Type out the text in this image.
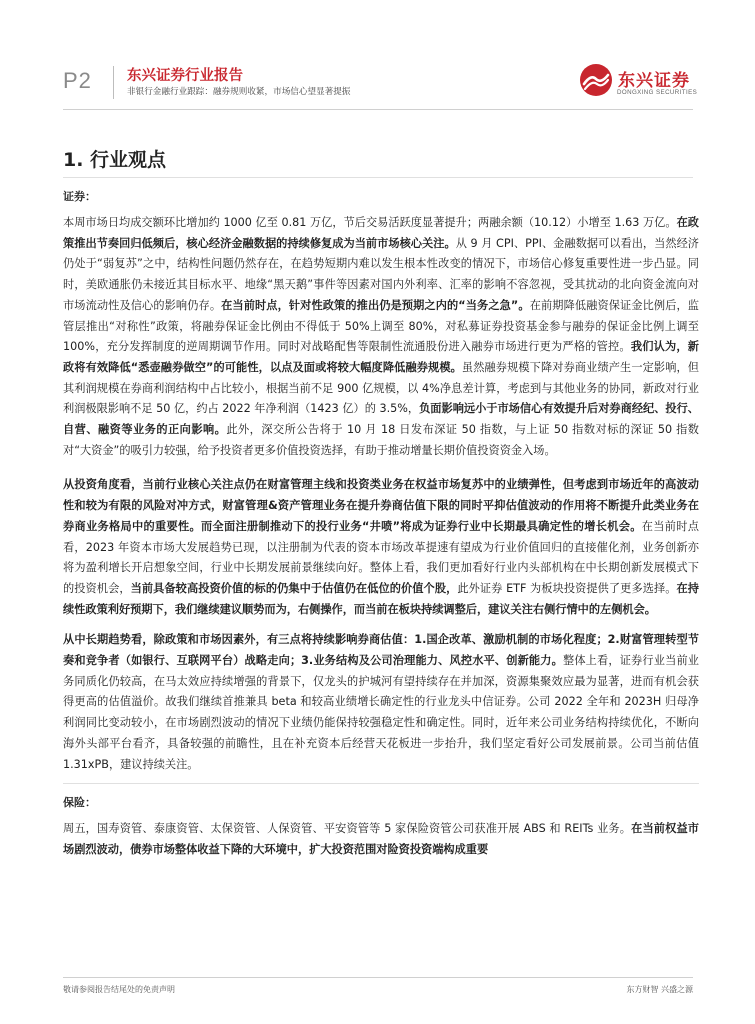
P2 东兴证券行业报告
非银行金融行业跟踪：融券规则收紧，市场信心望显著提振
东兴证券
DONGXING SECURITIES
1. 行业观点
证券：

本周市场日均成交额环比增加约 1000 亿至 0.81 万亿，节后交易活跃度显著提升；两融余额（10.12）小增至 1.63 万亿。在政策推出节奏回归低频后，核心经济金融数据的持续修复成为当前市场核心关注。从 9 月 CPI、PPI、金融数据可以看出，当然经济仍处于“弱复苏”之中，结构性问题仍然存在，在趋势短期内难以发生根本性改变的情况下，市场信心修复重要性进一步凸显。同时，美欧通胀仍未接近其目标水平、地缘“黑天鹅”事件等因素对国内外利率、汇率的影响不容忽视，受其扰动的北向资金流向对市场流动性及信心的影响仍存。在当前时点，针对性政策的推出仍是预期之内的“当务之急”。在前期降低融资保证金比例后，监管层推出“对称性”政策，将融券保证金比例由不得低于 50%上调至 80%，对私募证券投资基金参与融券的保证金比例上调至 100%，充分发挥制度的逆周期调节作用。同时对战略配售等限制性流通股份进入融券市场进行更为严格的管控。我们认为，新政将有效降低“悉壶融券做空”的可能性，以点及面或将较大幅度降低融券规模。虽然融券规模下降对券商业绩产生一定影响，但其利润规模在券商利润结构中占比较小，根据当前不足 900 亿规模，以 4%净息差计算，考虑到与其他业务的协同，新政对行业利润极限影响不足 50 亿，约占 2022 年净利润（1423 亿）的 3.5%，负面影响远小于市场信心有效提升后对券商经纪、投行、自营、融资等业务的正向影响。此外，深交所公告将于 10 月 18 日发布深证 50 指数，与上证 50 指数对标的深证 50 指数对“大资金”的吸引力较强，给予投资者更多价值投资选择，有助于推动增量长期价值投资资金入场。

从投资角度看，当前行业核心关注点仍在财富管理主线和投资类业务在权益市场复苏中的业绩弹性，但考虑到市场近年的高波动性和较为有限的风险对冲方式，财富管理&资产管理业务在提升券商估值下限的同时平抑估值波动的作用将不断提升此类业务在券商业务格局中的重要性。而全面注册制推动下的投行业务“井喷”将成为证券行业中长期最具确定性的增长机会。在当前时点看，2023 年资本市场大发展趋势已现，以注册制为代表的资本市场改革提速有望成为行业价值回归的直接催化剂，业务创新亦将为盈利增长开启想象空间，行业中长期发展前景继续向好。整体上看，我们更加看好行业内头部机构在中长期创新发展模式下的投资机会，当前具备较高投资价值的标的仍集中于估值仍在低位的价值个股，此外证券 ETF 为板块投资提供了更多选择。在持续性政策利好预期下，我们继续建议顺势而为，右侧操作，而当前在板块持续调整后，建议关注右侧行情中的左侧机会。

从中长期趋势看，除政策和市场因素外，有三点将持续影响券商估值：1.国企改革、激励机制的市场化程度；2.财富管理转型节奏和竞争者（如银行、互联网平台）战略走向；3.业务结构及公司治理能力、风控水平、创新能力。整体上看，证券行业当前业务同质化仍较高，在马太效应持续增强的背景下，仅龙头的护城河有望持续存在并加深，资源集聚效应最为显著，进而有机会获得更高的估值溢价。故我们继续首推兼具 beta 和较高业绩增长确定性的行业龙头中信证券。公司 2022 全年和 2023H 归母净利润同比变动较小，在市场剧烈波动的情况下业绩仍能保持较强稳定性和确定性。同时，近年来公司业务结构持续优化，不断向海外头部平台看齐，具备较强的前瞻性，且在补充资本后经营天花板进一步抬升，我们坚定看好公司发展前景。公司当前估值 1.31xPB，建议持续关注。

保险：

周五，国寿资管、泰康资管、太保资管、人保资管、平安资管等 5 家保险资管公司获准开展 ABS 和 REITs 业务。在当前权益市场剧烈波动，债券市场整体收益下降的大环境中，扩大投资范围对险资投资端构成重要

敬请参阅报告结尾处的免责声明	东方财智 兴盛之源
